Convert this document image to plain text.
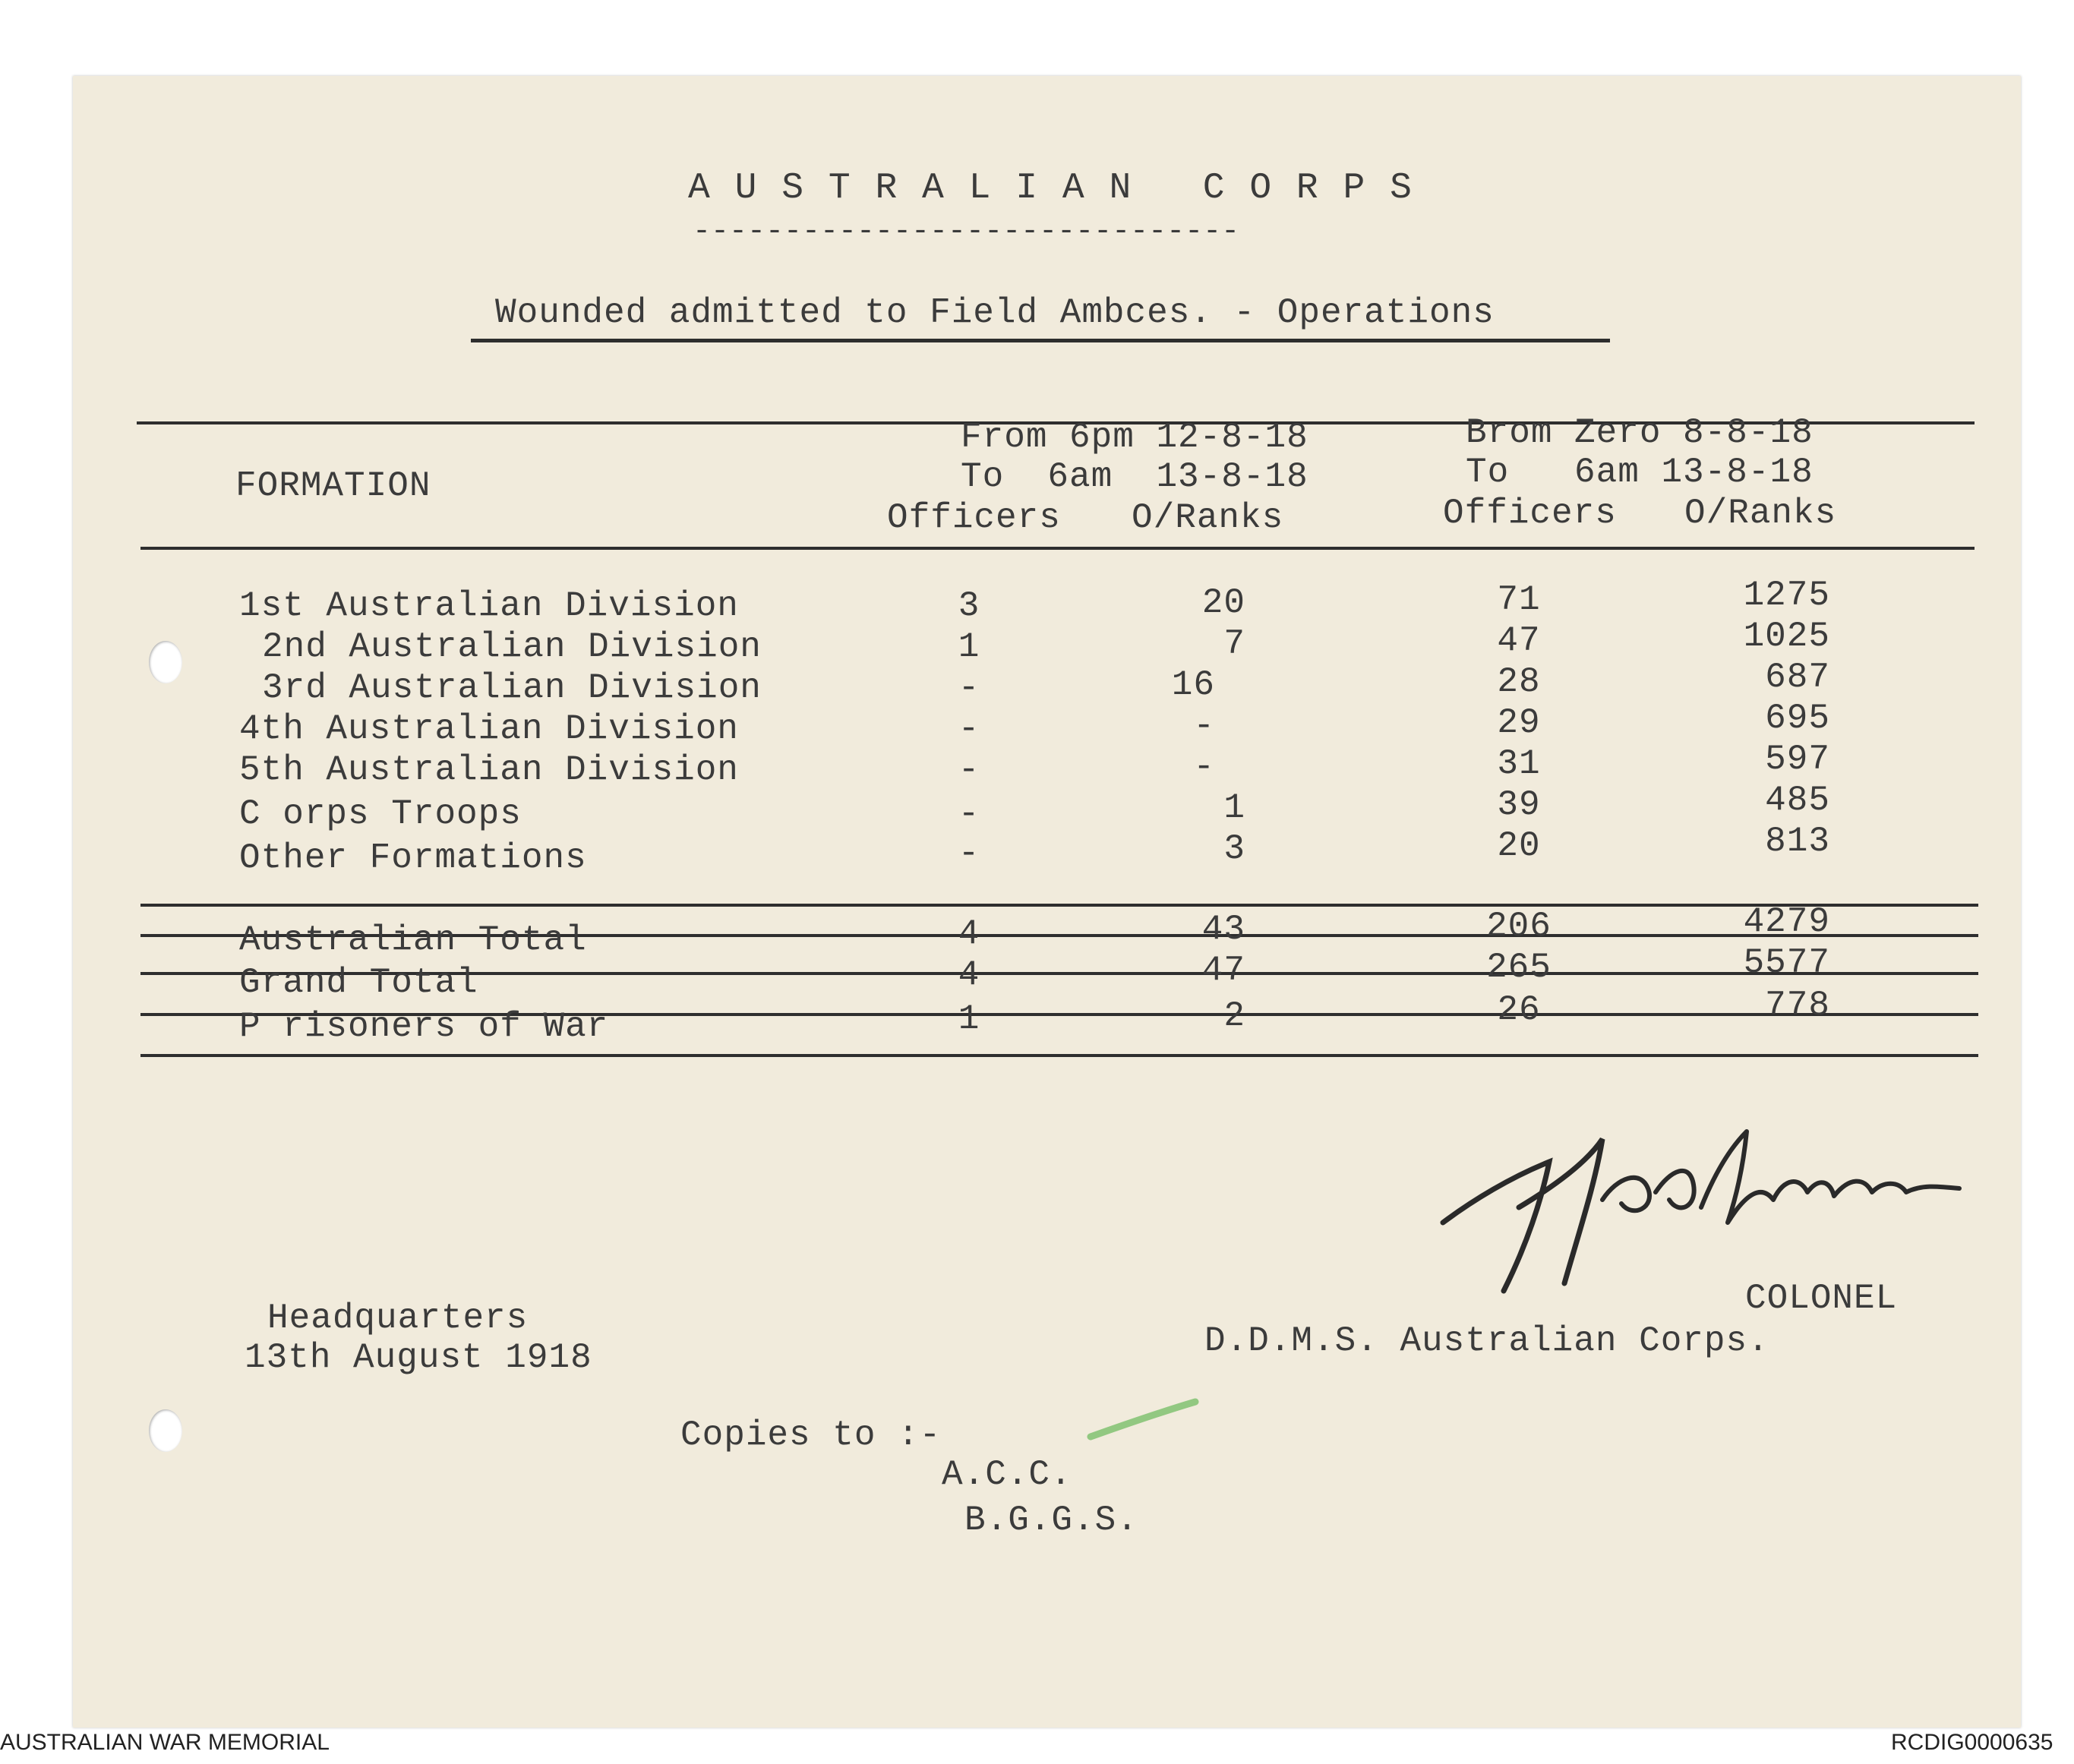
A U S T R A L I A N   C O R P S
------------------------------
Wounded admitted to Field Ambces. - Operations
FORMATION
From 6pm 12-8-18
To  6am  13-8-18
Officers O/Ranks
Brom Zero 8-8-18
To   6am 13-8-18
Officers O/Ranks
1st Australian Division	3	20	71	1275
2nd Australian Division	1	7	47	1025
3rd Australian Division	-	16	28	687
4th Australian Division	-	-	29	695
5th Australian Division	-	-	31	597
C orps Troops	-	1	39	485
Other Formations	-	3	20	813
Australian Total	4	43	206	4279
Grand Total	4	47	265	5577
P risoners of War	1	2	26	778
COLONEL
D.D.M.S. Australian Corps.
Headquarters
13th August 1918
Copies to :-
A.C.C.
B.G.G.S.
AUSTRALIAN WAR MEMORIAL	RCDIG0000635
